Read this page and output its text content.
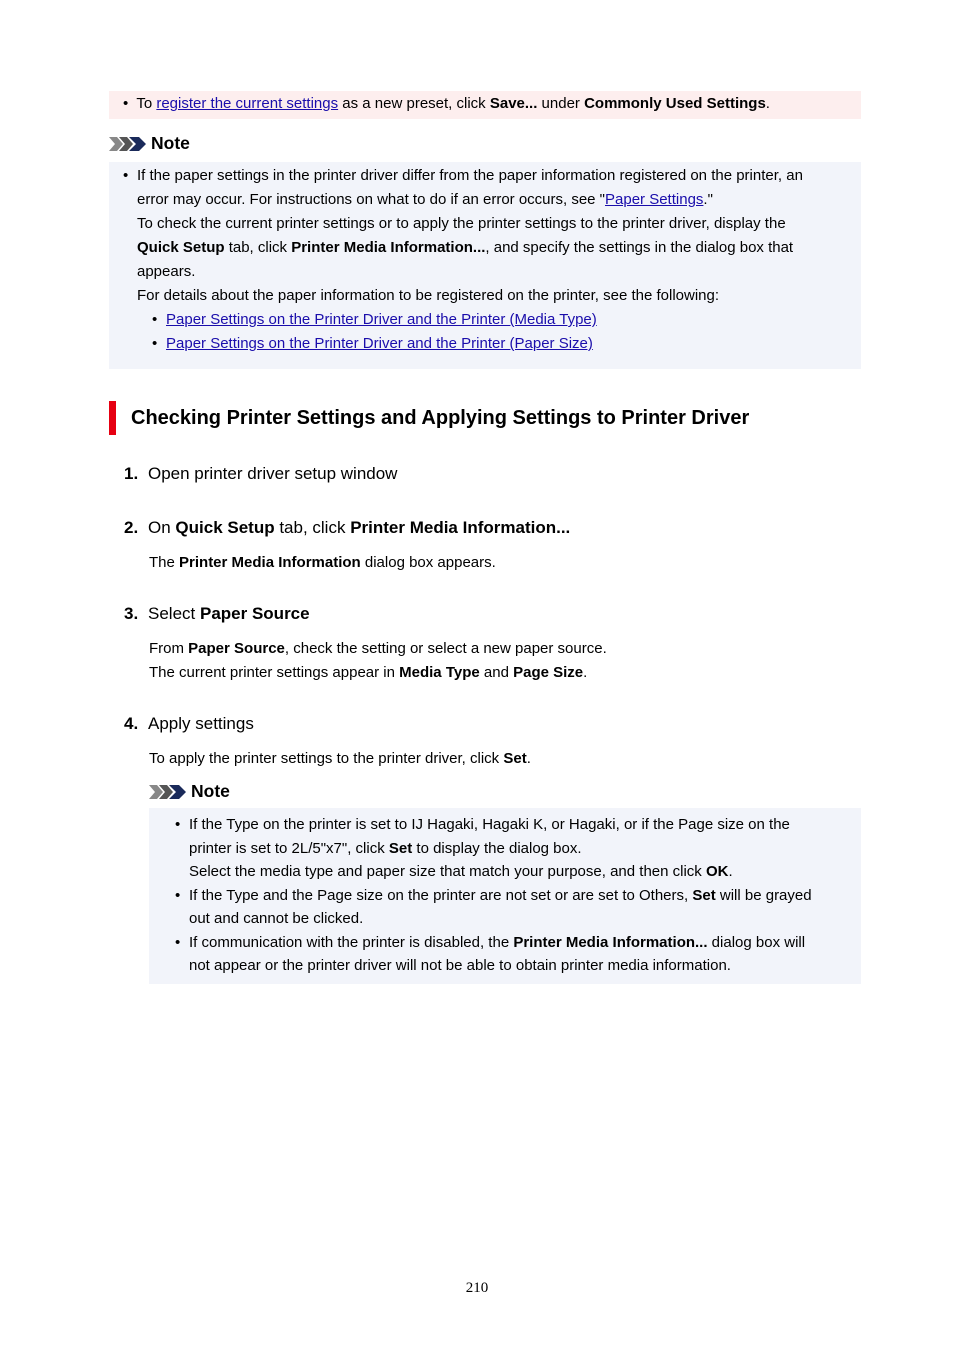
•  To register the current settings as a new preset, click Save... under Commonly Used Settings.
Note
• If the paper settings in the printer driver differ from the paper information registered on the printer, an
error may occur. For instructions on what to do if an error occurs, see "Paper Settings."
To check the current printer settings or to apply the printer settings to the printer driver, display the
Quick Setup tab, click Printer Media Information..., and specify the settings in the dialog box that
appears.
For details about the paper information to be registered on the printer, see the following:
• Paper Settings on the Printer Driver and the Printer (Media Type)
• Paper Settings on the Printer Driver and the Printer (Paper Size)
Checking Printer Settings and Applying Settings to Printer Driver
1. Open printer driver setup window
2. On Quick Setup tab, click Printer Media Information...
The Printer Media Information dialog box appears.
3. Select Paper Source
From Paper Source, check the setting or select a new paper source.
The current printer settings appear in Media Type and Page Size.
4. Apply settings
To apply the printer settings to the printer driver, click Set.
Note
• If the Type on the printer is set to IJ Hagaki, Hagaki K, or Hagaki, or if the Page size on the
printer is set to 2L/5"x7", click Set to display the dialog box.
Select the media type and paper size that match your purpose, and then click OK.
• If the Type and the Page size on the printer are not set or are set to Others, Set will be grayed
out and cannot be clicked.
• If communication with the printer is disabled, the Printer Media Information... dialog box will
not appear or the printer driver will not be able to obtain printer media information.
210
